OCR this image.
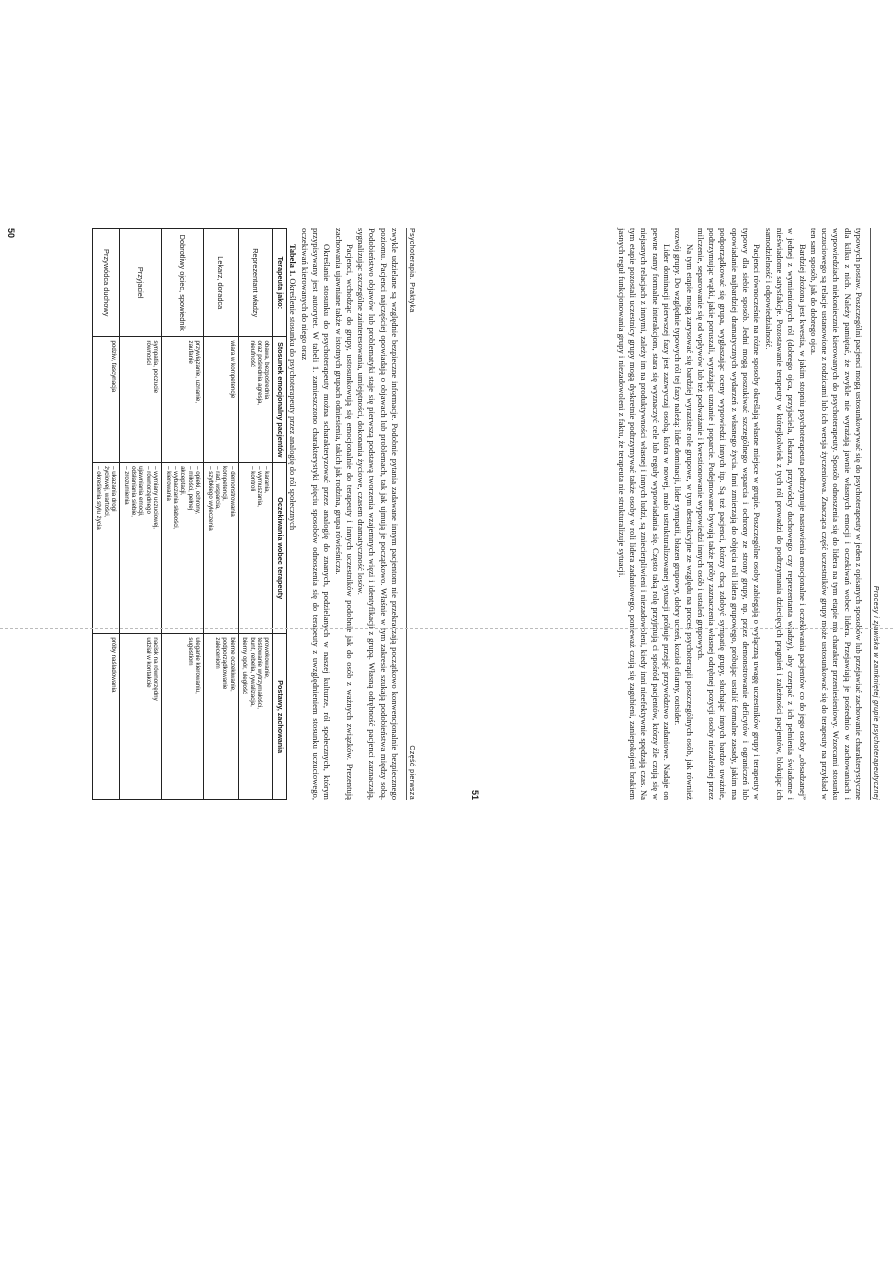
Psychoterapia. Praktyka
Część pierwsza

zwykle udzielane są względnie bezpieczne informacje. Podobnie pytania zadawane innym pacjentom nie przekraczają początkowo konwencjonalnie bezpiecznego poziomu. Pacjenci najczęściej opowiadają o objawach lub problemach, tak jak ujmują je początkowo. Właśnie w tym zakresie szukają podobieństwa między sobą. Podobieństwo objawów lub problematyki staje się pierwszą podstawą tworzenia wzajemnych więzi i identyfikacji z grupą. Własną odrębność pacjenci zaznaczają, sygnalizując szczególne zainteresowania, umiejętności, dokonania życiowe, czasem dramatyczność losów.

Pacjenci, wchodząc do grupy, ustosunkowują się emocjonalnie do terapeuty i innych uczestników podobnie jak do osób z ważnych związków. Prezentują zachowania ujawniane także w istotnych grupach odniesienia, takich jak rodzina, grupa rówieśnicza.

Określanie stosunku do psychoterapeuty można scharakteryzować przez analogię do znanych, podzielanych w naszej kulturze, ról społecznych, którym przypisywany jest autorytet. W tabeli 1. zamieszczono charakterystyki pięciu sposobów odnoszenia się do terapeuty z uwzględnieniem stosunku uczuciowego, oczekiwań kierowanych do niego oraz

Tabela 1. Określenie stosunku do psychoterapeuty przez analogię do ról społecznych

Terapeuta jako:	Stosunek emocjonalny pacjentów	Oczekiwania wobec terapeuty	Postawy, zachowania
Reprezentant władzy	obawa, bezpośrednia
oraz pośrednia agresja,
nieufność	– karania,
– wymuszania,
– kontroli	prowokowanie,
testowanie wytrzymałości,
bunt, rebelia, rywalizacja,
bierny opór, uległość

Lekarz, doradca	wiara w kompetencje	– demonstrowania
kompetencji,
– rad, wsparcia,
– szybkiego wyleczenia	bierne oczekiwanie,
podporządkowanie
zaleceniom

Dobrotliwy ojciec, spowiednik	przywiązanie, uznanie,
zaufanie	– opieki, ochrony,
– miłości, pełnej
akceptacji,
– wybaczania słabości,
– kierowania	uleganie kierowaniu,
sugestiom

Przyjaciel	sympatia, poczucie
równości	– wymiany uczuciowej,
– równorzędnego
ujawniania emocji,
odsłaniania siebie,
– zrozumienia	nacisk na równorzędny
udział w kontakcie

Przywódca duchowy	podziw, fascynacja	– ukazania drogi
życiowej, wartości,
– określenia stylu życia	próby naśladowania
50
Procesy i zjawiska w zamkniętej grupie psychoterapeutycznej

typowych postaw. Poszczególni pacjenci mogą ustosunkowywać się do psychoterapeuty w jeden z opisanych sposobów lub przejawiać zachowanie charakterystyczne dla kilku z nich. Należy pamiętać, że zwykle nie wyrażają jawnie własnych emocji i oczekiwań wobec lidera. Przejawiają je pośrednio w zachowaniach i wypowiedziach niekoniecznie kierowanych do psychoterapeuty. Sposób odnoszenia się do lidera na tym etapie ma charakter przeniesieniowy. Wzorcami stosunku uczuciowego są relacje ustanowione z rodzicami lub ich wersja życzeniowa. Znacząca część uczestników grupy może ustosunkować się do terapeuty na przykład w ten sam sposób, jak do dobrego ojca.

Bardziej złożona jest kwestia, w jakim stopniu psychoterapeuta podtrzymuje nastawienia emocjonalne i oczekiwania pacjentów co do jego osoby „obsadzanej” w jednej z wymienionych ról (dobrego ojca, przyjaciela, lekarza, przywódcy duchowego czy reprezentanta władzy), aby czerpać z ich pełnienia świadome i nieświadome satysfakcje. Pozostawanie terapeuty w którejkolwiek z tych ról prowadzi do podtrzymania dziecięcych pragnień i zależności pacjentów, blokując ich samodzielność i odpowiedzialność.

Pacjenci równocześnie na różne sposoby określają własne miejsce w grupie. Poszczególne osoby zabiegają o wyłączną uwagę uczestników grupy i terapeuty w typowy dla siebie sposób. Jedni mogą poszukiwać szczególnego wsparcia i ochrony ze strony grupy, np. przez demonstrowanie deficytów i ograniczeń lub opowiadanie najbardziej dramatycznych wydarzeń z własnego życia. Inni zmierzają do objęcia roli lidera grupowego, próbując ustalić formalne zasady, jakim ma podporządkować się grupa, wygłaszając oceny wypowiedzi innych itp. Są też pacjenci, którzy chcą zdobyć sympatię grupy, słuchając innych bardzo uważnie, podtrzymując wątki, jakie poruszali, wyrażając uznanie i poparcie. Podejmowane bywają także próby zaznaczenia własnej odrębnej pozycji osoby niezależnej przez milczenie, separowanie się od wpływów lub też podważanie i kwestionowanie wypowiedzi innych osób i ustaleń grupowych.

Na tym etapie mogą zarysować się bardziej wyraziste role grupowe, w tym destrukcyjne ze względu na proces psychoterapii poszczególnych osób, jak również rozwój grupy. Do względnie typowych ról tej fazy należą: lider dominacji, lider sympatii, błazen grupowy, dobry uczeń, kozioł ofiarny, outsider.

Lider dominacji pierwszej fazy jest zazwyczaj osobą, która w nowej, mało ustrukturalizowanej sytuacji próbuje przejąć przywództwo zadaniowe. Nadaje on pewne ramy formalne interakcjom, stara się wyznaczyć cele lub reguły wypowiadania się. Często taką rolę przyjmują ci spośród pacjentów, którzy źle czują się w niejasnych relacjach z innymi, zależy im na produktywności własnej i innych ludzi, są zniecierpliwieni i niezadowoleni, kiedy inni nieefektywnie spędzają czas. Na tym etapie pozostali uczestnicy grupy mogą dyskretnie podtrzymywać także osoby w roli lidera zadaniowego, ponieważ czują się zagubieni, zaniepokojeni brakiem jasnych reguł funkcjonowania grupy i niezadowoleni z faktu, że terapeuta nie strukturalizuje sytuacji.

51
